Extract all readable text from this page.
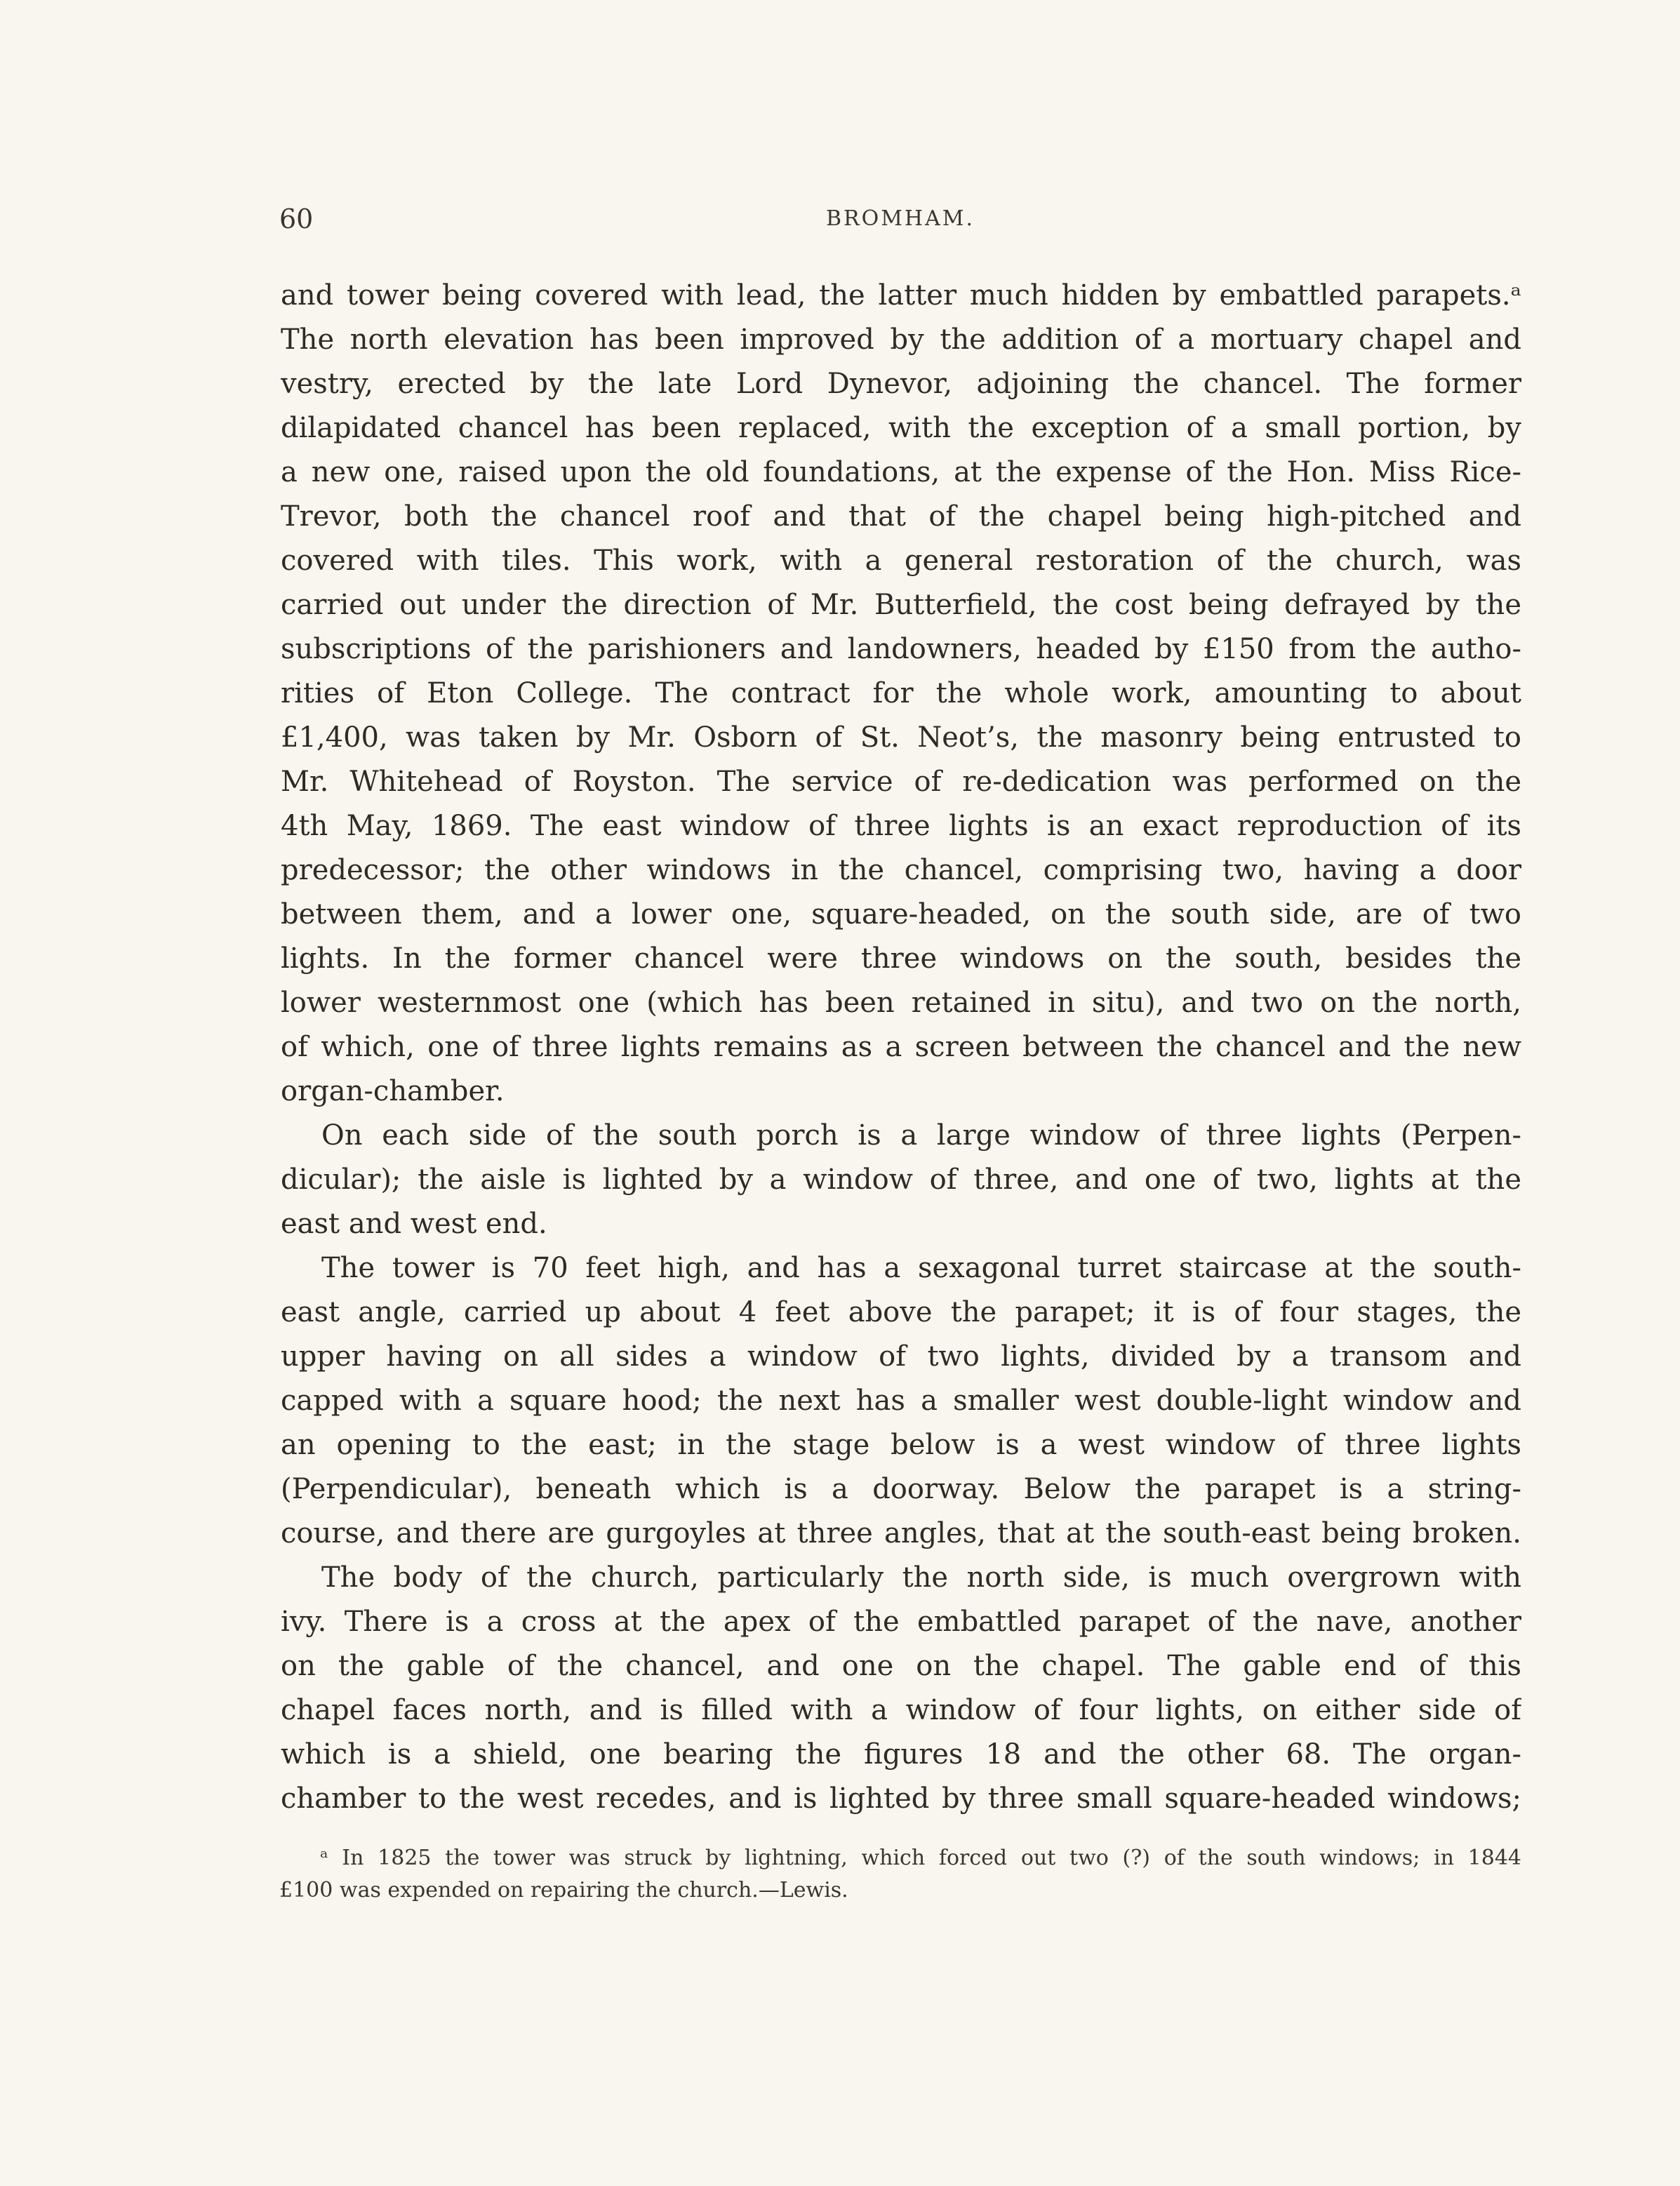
60	BROMHAM.
and tower being covered with lead, the latter much hidden by embattled parapets.ᵃ
The north elevation has been improved by the addition of a mortuary chapel and
vestry, erected by the late Lord Dynevor, adjoining the chancel. The former
dilapidated chancel has been replaced, with the exception of a small portion, by
a new one, raised upon the old foundations, at the expense of the Hon. Miss Rice-
Trevor, both the chancel roof and that of the chapel being high-pitched and
covered with tiles. This work, with a general restoration of the church, was
carried out under the direction of Mr. Butterfield, the cost being defrayed by the
subscriptions of the parishioners and landowners, headed by £150 from the autho-
rities of Eton College. The contract for the whole work, amounting to about
£1,400, was taken by Mr. Osborn of St. Neot’s, the masonry being entrusted to
Mr. Whitehead of Royston. The service of re-dedication was performed on the
4th May, 1869. The east window of three lights is an exact reproduction of its
predecessor; the other windows in the chancel, comprising two, having a door
between them, and a lower one, square-headed, on the south side, are of two
lights. In the former chancel were three windows on the south, besides the
lower westernmost one (which has been retained in situ), and two on the north,
of which, one of three lights remains as a screen between the chancel and the new
organ-chamber.
On each side of the south porch is a large window of three lights (Perpen-
dicular); the aisle is lighted by a window of three, and one of two, lights at the
east and west end.
The tower is 70 feet high, and has a sexagonal turret staircase at the south-
east angle, carried up about 4 feet above the parapet; it is of four stages, the
upper having on all sides a window of two lights, divided by a transom and
capped with a square hood; the next has a smaller west double-light window and
an opening to the east; in the stage below is a west window of three lights
(Perpendicular), beneath which is a doorway. Below the parapet is a string-
course, and there are gurgoyles at three angles, that at the south-east being broken.
The body of the church, particularly the north side, is much overgrown with
ivy. There is a cross at the apex of the embattled parapet of the nave, another
on the gable of the chancel, and one on the chapel. The gable end of this
chapel faces north, and is filled with a window of four lights, on either side of
which is a shield, one bearing the figures 18 and the other 68. The organ-
chamber to the west recedes, and is lighted by three small square-headed windows;
ᵃ In 1825 the tower was struck by lightning, which forced out two (?) of the south windows; in 1844
£100 was expended on repairing the church.—Lewis.
